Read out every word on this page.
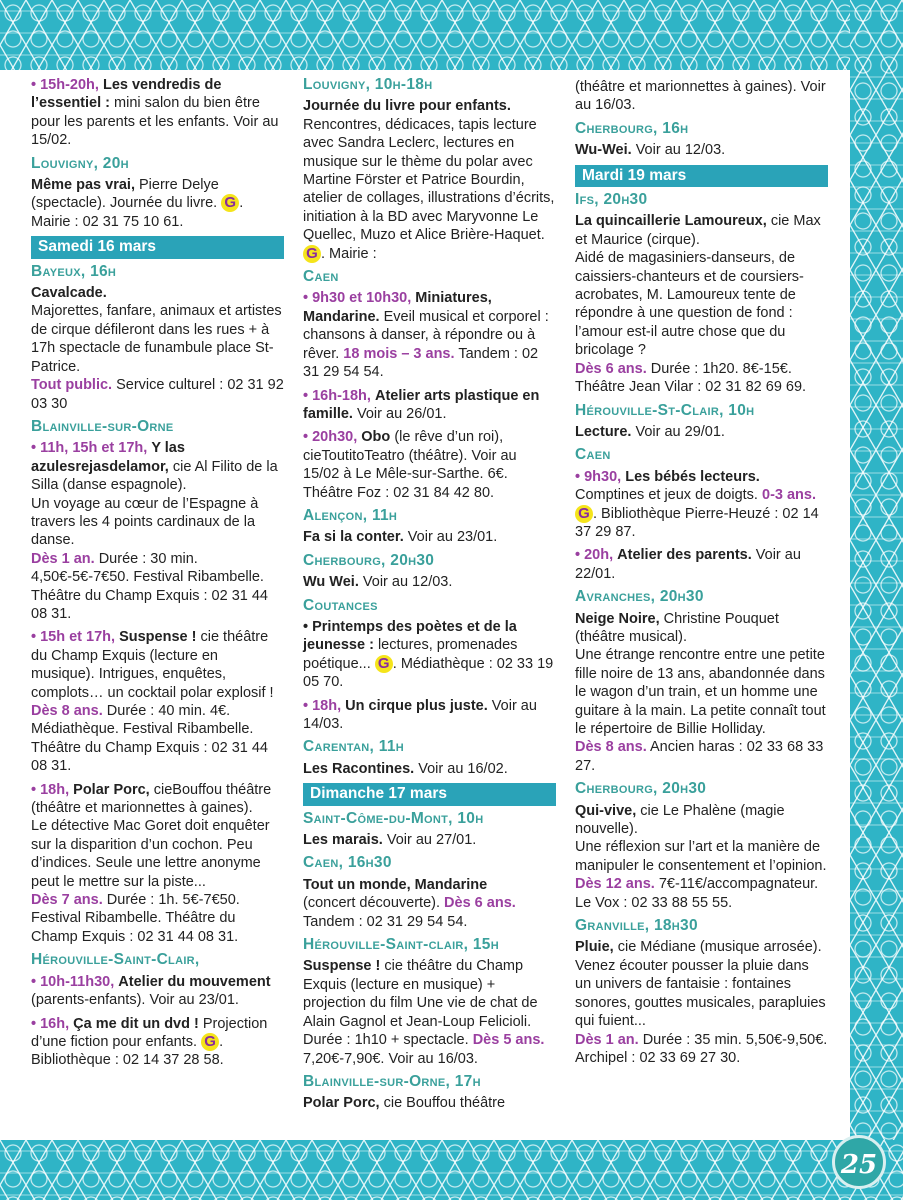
• 15h-20h, Les vendredis de l’essentiel : mini salon du bien être pour les parents et les enfants. Voir au 15/02.

Louvigny, 20h

Même pas vrai, Pierre Delye (spectacle). Journée du livre. G .
Mairie : 02 31 75 10 61.

Samedi 16 mars
Bayeux, 16h

Cavalcade.
Majorettes, fanfare, animaux et artistes de cirque défileront dans les rues + à 17h spectacle de funambule place St-Patrice.
Tout public. Service culturel : 02 31 92 03 30

Blainville-sur-Orne

• 11h, 15h et 17h, Y las azulesrejasdelamor, cie Al Filito de la Silla (danse espagnole).
Un voyage au cœur de l’Espagne à travers les 4 points cardinaux de la danse.
Dès 1 an. Durée : 30 min. 4,50€-5€-7€50. Festival Ribambelle. Théâtre du Champ Exquis : 02 31 44 08 31.

• 15h et 17h, Suspense ! cie théâtre du Champ Exquis (lecture en musique). Intrigues, enquêtes, complots… un cocktail polar explosif ! Dès 8 ans. Durée : 40 min. 4€. Médiathèque. Festival Ribambelle. Théâtre du Champ Exquis : 02 31 44 08 31.

• 18h, Polar Porc, cieBouffou théâtre (théâtre et marionnettes à gaines).
Le détective Mac Goret doit enquêter sur la disparition d’un cochon. Peu d’indices. Seule une lettre anonyme peut le mettre sur la piste...
Dès 7 ans. Durée : 1h. 5€-7€50. Festival Ribambelle. Théâtre du Champ Exquis : 02 31 44 08 31.

Hérouville-Saint-Clair,

• 10h-11h30, Atelier du mouvement (parents-enfants). Voir au 23/01.

• 16h, Ça me dit un dvd ! Projection d’une fiction pour enfants. G . Bibliothèque : 02 14 37 28 58.

Louvigny, 10h-18h

Journée du livre pour enfants.
Rencontres, dédicaces, tapis lecture avec Sandra Leclerc, lectures en musique sur le thème du polar avec Martine Förster et Patrice Bourdin, atelier de collages, illustrations d’écrits, initiation à la BD avec Maryvonne Le Quellec, Muzo et Alice Brière-Haquet. G . Mairie :

Caen

• 9h30 et 10h30, Miniatures, Mandarine. Eveil musical et corporel : chansons à danser, à répondre ou à rêver. 18 mois – 3 ans. Tandem : 02 31 29 54 54.

• 16h-18h, Atelier arts plastique en famille. Voir au 26/01.

• 20h30, Obo (le rêve d’un roi), cieToutitoTeatro (théâtre). Voir au 15/02 à Le Mêle-sur-Sarthe. 6€. Théâtre Foz : 02 31 84 42 80.

Alençon, 11h

Fa si la conter. Voir au 23/01.

Cherbourg, 20h30

Wu Wei. Voir au 12/03.

Coutances

• Printemps des poètes et de la jeunesse : lectures, promenades poétique... G . Médiathèque : 02 33 19 05 70.

• 18h, Un cirque plus juste. Voir au 14/03.

Carentan, 11h

Les Racontines. Voir au 16/02.

Dimanche 17 mars
Saint-Côme-du-Mont, 10h

Les marais. Voir au 27/01.

Caen, 16h30

Tout un monde, Mandarine
(concert découverte). Dès 6 ans.
Tandem : 02 31 29 54 54.

Hérouville-Saint-clair, 15h

Suspense ! cie théâtre du Champ Exquis (lecture en musique) + projection du film Une vie de chat de Alain Gagnol et Jean-Loup Felicioli. Durée : 1h10 + spectacle. Dès 5 ans. 7,20€-7,90€. Voir au 16/03.

Blainville-sur-Orne, 17h

Polar Porc, cie Bouffou théâtre

(théâtre et marionnettes à gaines). Voir au 16/03.

Cherbourg, 16h

Wu-Wei. Voir au 12/03.

Mardi 19 mars
Ifs, 20h30

La quincaillerie Lamoureux, cie Max et Maurice (cirque).
Aidé de magasiniers-danseurs, de caissiers-chanteurs et de coursiers-acrobates, M. Lamoureux tente de répondre à une question de fond : l’amour est-il autre chose que du bricolage ?
Dès 6 ans. Durée : 1h20. 8€-15€. Théâtre Jean Vilar : 02 31 82 69 69.

Hérouville-St-Clair, 10h

Lecture. Voir au 29/01.

Caen

• 9h30, Les bébés lecteurs. Comptines et jeux de doigts. 0-3 ans. G . Bibliothèque Pierre-Heuzé : 02 14 37 29 87.

• 20h, Atelier des parents. Voir au 22/01.

Avranches, 20h30

Neige Noire, Christine Pouquet (théâtre musical).
Une étrange rencontre entre une petite fille noire de 13 ans, abandonnée dans le wagon d’un train, et un homme une guitare à la main. La petite connaît tout le répertoire de Billie Holliday.
Dès 8 ans. Ancien haras : 02 33 68 33 27.

Cherbourg, 20h30

Qui-vive, cie Le Phalène (magie nouvelle).
Une réflexion sur l’art et la manière de manipuler le consentement et l’opinion.
Dès 12 ans. 7€-11€/accompagnateur. Le Vox : 02 33 88 55 55.

Granville, 18h30

Pluie, cie Médiane (musique arrosée). Venez écouter pousser la pluie dans un univers de fantaisie : fontaines sonores, gouttes musicales, parapluies qui fuient...
Dès 1 an. Durée : 35 min. 5,50€-9,50€. Archipel : 02 33 69 27 30.

25
